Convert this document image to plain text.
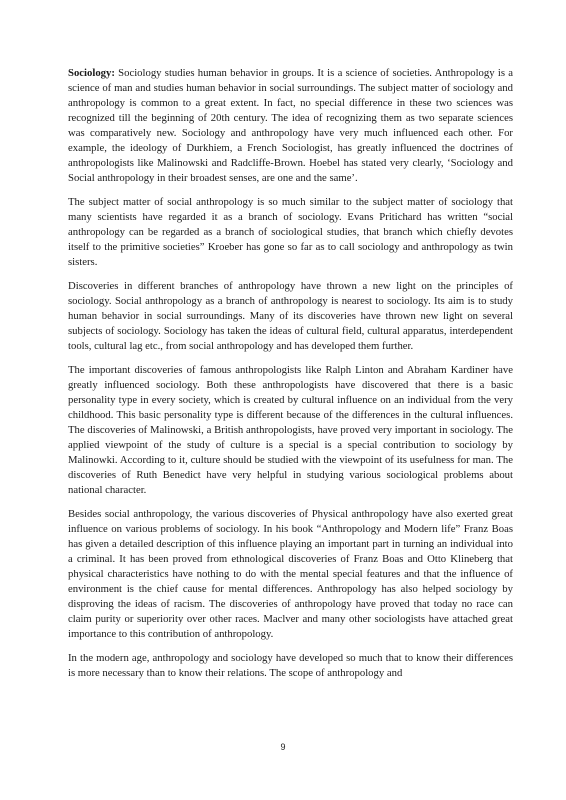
Sociology: Sociology studies human behavior in groups. It is a science of societies. Anthropology is a science of man and studies human behavior in social surroundings. The subject matter of sociology and anthropology is common to a great extent. In fact, no special difference in these two sciences was recognized till the beginning of 20th century. The idea of recognizing them as two separate sciences was comparatively new. Sociology and anthropology have very much influenced each other. For example, the ideology of Durkhiem, a French Sociologist, has greatly influenced the doctrines of anthropologists like Malinowski and Radcliffe-Brown. Hoebel has stated very clearly, ‘Sociology and Social anthropology in their broadest senses, are one and the same’.

The subject matter of social anthropology is so much similar to the subject matter of sociology that many scientists have regarded it as a branch of sociology. Evans Pritichard has written “social anthropology can be regarded as a branch of sociological studies, that branch which chiefly devotes itself to the primitive societies” Kroeber has gone so far as to call sociology and anthropology as twin sisters.

Discoveries in different branches of anthropology have thrown a new light on the principles of sociology. Social anthropology as a branch of anthropology is nearest to sociology. Its aim is to study human behavior in social surroundings. Many of its discoveries have thrown new light on several subjects of sociology. Sociology has taken the ideas of cultural field, cultural apparatus, interdependent tools, cultural lag etc., from social anthropology and has developed them further.

The important discoveries of famous anthropologists like Ralph Linton and Abraham Kardiner have greatly influenced sociology. Both these anthropologists have discovered that there is a basic personality type in every society, which is created by cultural influence on an individual from the very childhood. This basic personality type is different because of the differences in the cultural influences. The discoveries of Malinowski, a British anthropologists, have proved very important in sociology. The applied viewpoint of the study of culture is a special is a special contribution to sociology by Malinowki. According to it, culture should be studied with the viewpoint of its usefulness for man. The discoveries of Ruth Benedict have very helpful in studying various sociological problems about national character.

Besides social anthropology, the various discoveries of Physical anthropology have also exerted great influence on various problems of sociology. In his book “Anthropology and Modern life” Franz Boas has given a detailed description of this influence playing an important part in turning an individual into a criminal. It has been proved from ethnological discoveries of Franz Boas and Otto Klineberg that physical characteristics have nothing to do with the mental special features and that the influence of environment is the chief cause for mental differences. Anthropology has also helped sociology by disproving the ideas of racism. The discoveries of anthropology have proved that today no race can claim purity or superiority over other races. Maclver and many other sociologists have attached great importance to this contribution of anthropology.

In the modern age, anthropology and sociology have developed so much that to know their differences is more necessary than to know their relations. The scope of anthropology and

9
